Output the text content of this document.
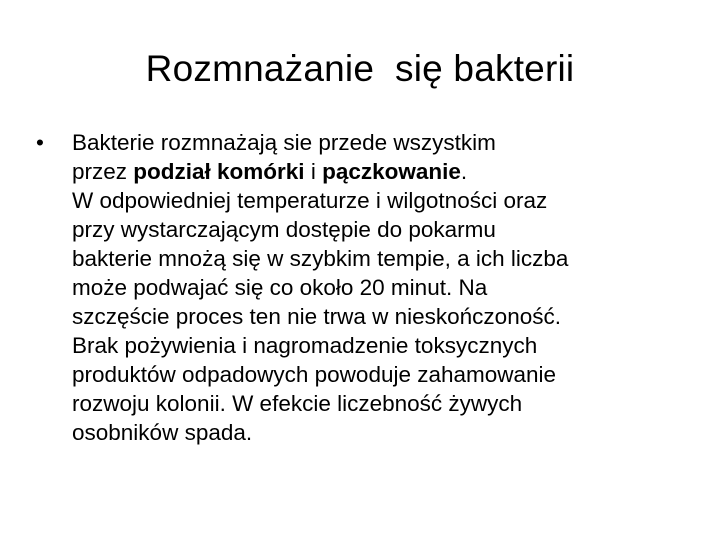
Rozmnażanie  się bakterii
• Bakterie rozmnażają sie przede wszystkim
przez podział komórki i pączkowanie.
W odpowiedniej temperaturze i wilgotności oraz
przy wystarczającym dostępie do pokarmu
bakterie mnożą się w szybkim tempie, a ich liczba
może podwajać się co około 20 minut. Na
szczęście proces ten nie trwa w nieskończoność.
Brak pożywienia i nagromadzenie toksycznych
produktów odpadowych powoduje zahamowanie
rozwoju kolonii. W efekcie liczebność żywych
osobników spada.
